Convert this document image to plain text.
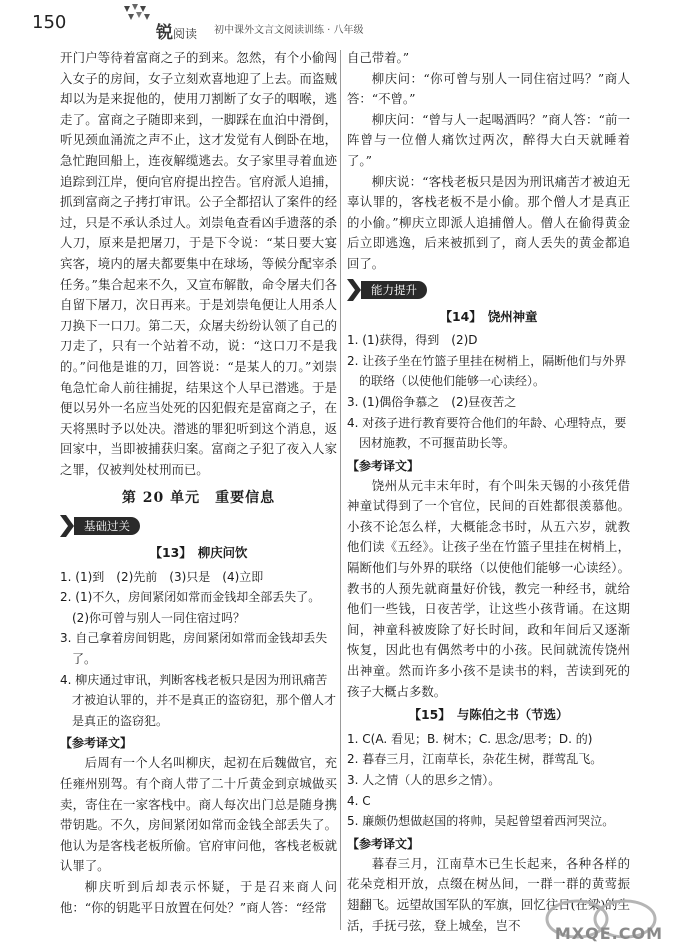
150	锐阅读 初中课外文言文阅读训练 · 八年级

开门户等待着富商之子的到来。忽然，有个小偷闯入女子的房间，女子立刻欢喜地迎了上去。而盗贼却以为是来捉他的，使用刀割断了女子的咽喉，逃走了。富商之子随即来到，一脚踩在血泊中滑倒，听见颈血涌流之声不止，这才发觉有人倒卧在地，急忙跑回船上，连夜解缆逃去。女子家里寻着血迹追踪到江岸，便向官府提出控告。官府派人追捕，抓到富商之子拷打审讯。公子全都招认了案件的经过，只是不承认杀过人。刘崇龟查看凶手遗落的杀人刀，原来是把屠刀，于是下令说：“某日要大宴宾客，境内的屠夫都要集中在球场，等候分配宰杀任务。”集合起来不久，又宣布解散，命令屠夫们各自留下屠刀，次日再来。于是刘崇龟便让人用杀人刀换下一口刀。第二天，众屠夫纷纷认领了自己的刀走了，只有一个站着不动，说：“这口刀不是我的。”问他是谁的刀，回答说：“是某人的刀。”刘崇龟急忙命人前往捕捉，结果这个人早已潜逃。于是便以另外一名应当处死的囚犯假充是富商之子，在天将黑时予以处决。潜逃的罪犯听到这个消息，返回家中，当即被捕获归案。富商之子犯了夜入人家之罪，仅被判处杖刑而已。

第 20 单元　重要信息
基础过关
【13】　柳庆问饮

1. (1)到　(2)先前　(3)只是　(4)立即

2. (1)不久，房间紧闭如常而金钱却全部丢失了。

(2)你可曾与别人一同住宿过吗？

3. 自己拿着房间钥匙，房间紧闭如常而金钱却丢失了。

4. 柳庆通过审讯，判断客栈老板只是因为刑讯痛苦才被迫认罪的，并不是真正的盗窃犯，那个僧人才是真正的盗窃犯。

【参考译文】

后周有一个人名叫柳庆，起初在后魏做官，充任雍州别驾。有个商人带了二十斤黄金到京城做买卖，寄住在一家客栈中。商人每次出门总是随身携带钥匙。不久，房间紧闭如常而金钱全部丢失了。他认为是客栈老板所偷。官府审问他，客栈老板就认罪了。

柳庆听到后却表示怀疑，于是召来商人问他：“你的钥匙平日放置在何处？”商人答：“经常

自己带着。”

柳庆问：“你可曾与别人一同住宿过吗？”商人答：“不曾。”

柳庆问：“曾与人一起喝酒吗？”商人答：“前一阵曾与一位僧人痛饮过两次，醉得大白天就睡着了。”

柳庆说：“客栈老板只是因为刑讯痛苦才被迫无辜认罪的，客栈老板不是小偷。那个僧人才是真正的小偷。”柳庆立即派人追捕僧人。僧人在偷得黄金后立即逃逸，后来被抓到了，商人丢失的黄金都追回了。

能力提升
【14】　饶州神童

1. (1)获得，得到　(2)D

2. 让孩子坐在竹篮子里挂在树梢上，隔断他们与外界的联络（以使他们能够一心读经）。

3. (1)偶俗争慕之　(2)昼夜苦之

4. 对孩子进行教育要符合他们的年龄、心理特点，要因材施教，不可揠苗助长等。

【参考译文】

饶州从元丰末年时，有个叫朱天锡的小孩凭借神童试得到了一个官位，民间的百姓都很羡慕他。小孩不论怎么样，大概能念书时，从五六岁，就教他们读《五经》。让孩子坐在竹篮子里挂在树梢上，隔断他们与外界的联络（以使他们能够一心读经）。教书的人预先就商量好价钱，教完一种经书，就给他们一些钱，日夜苦学，让这些小孩背诵。在这期间，神童科被废除了好长时间，政和年间后又逐渐恢复，因此也有偶然考中的小孩。民间就流传饶州出神童。然而许多小孩不是读书的料，苦读到死的孩子大概占多数。

【15】　与陈伯之书（节选）

1. C(A. 看见；B. 树木；C. 思念/思考；D. 的)

2. 暮春三月，江南草长，杂花生树，群莺乱飞。

3. 人之情（人的思乡之情）。

4. C

5. 廉颇仍想做赵国的将帅，吴起曾望着西河哭泣。

【参考译文】

暮春三月，江南草木已生长起来，各种各样的花朵竞相开放，点缀在树丛间，一群一群的黄莺振翅翻飞。远望故国军队的军旗，回忆往日(在梁)的生活，手抚弓弦，登上城垒，岂不	MXQE.COM
